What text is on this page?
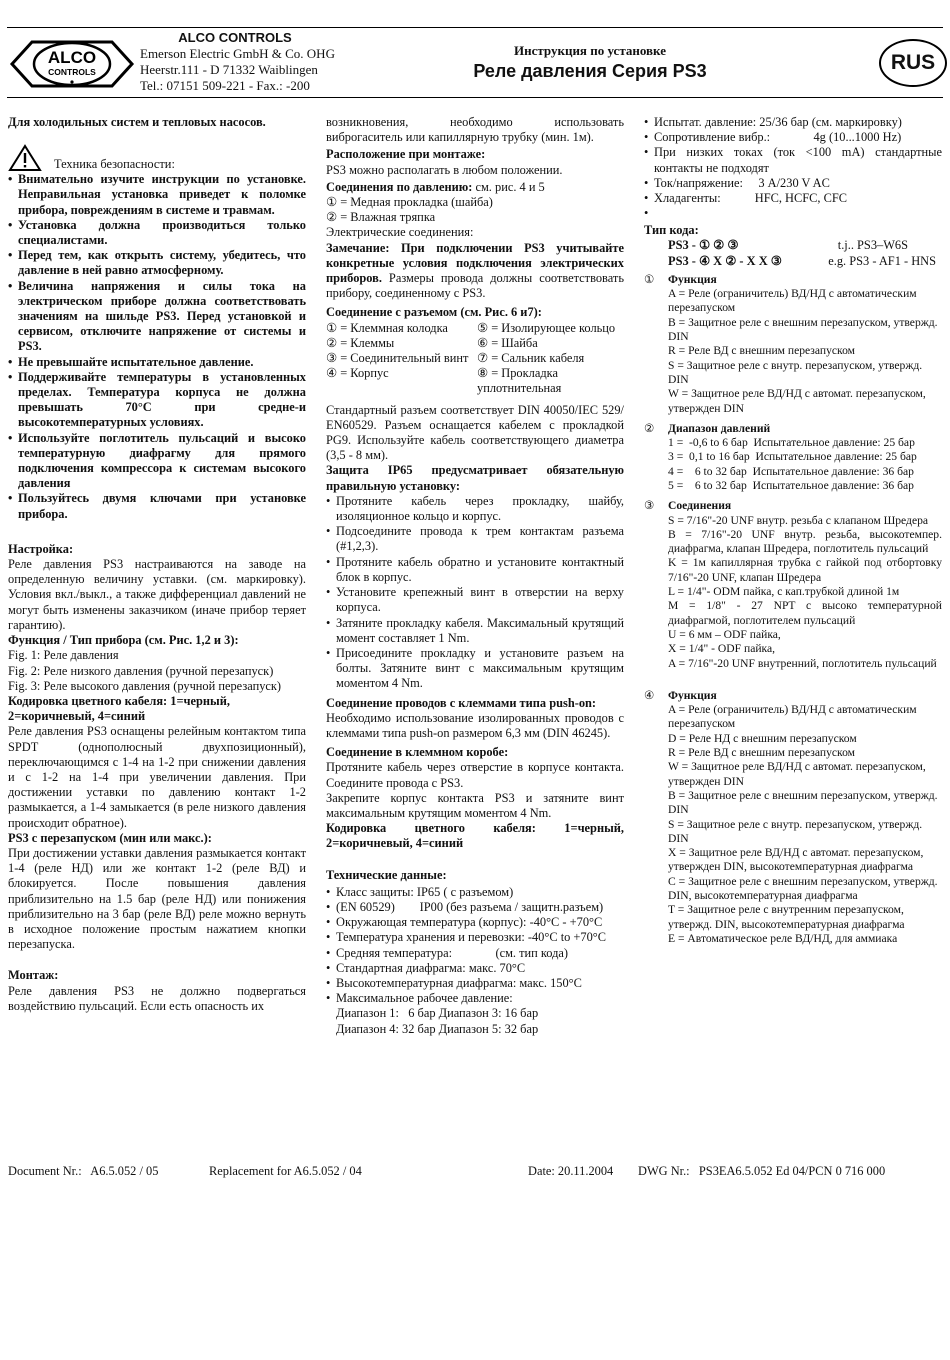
ALCO
CONTROLS
ALCO CONTROLS
Emerson Electric GmbH & Co. OHG
Heerstr.111 - D 71332 Waiblingen
Tel.: 07151 509-221 - Fax.: -200
Инструкция по установке
Реле давления Серия PS3	RUS

Для холодильных систем и тепловых насосов.

Техника безопасности:
• Внимательно изучите инструкции по установке. Неправильная установка приведет к поломке прибора, повреждениям в системе и травмам.
• Установка должна производиться только специалистами.
• Перед тем, как открыть систему, убедитесь, что давление в ней равно атмосферному.
• Величина напряжения и силы тока на электрическом приборе должна соответствовать значениям на шильде PS3. Перед установкой и сервисом, отключите напряжение от системы и PS3.
• Не превышайте испытательное давление.
• Поддерживайте температуры в установленных пределах. Температура корпуса не должна превышать 70°C при средне-и высокотемпературных условиях.
• Используйте поглотитель пульсаций и высоко температурную диафрагму для прямого подключения компрессора к системам высокого давления
• Пользуйтесь двумя ключами при установке прибора.

Настройка:

Реле давления PS3 настраиваются на заводе на определенную величину уставки. (см. маркировку). Условия вкл./выкл., а также дифференциал давлений не могут быть изменены заказчиком (иначе прибор теряет гарантию).

Функция / Тип прибора (см. Рис. 1,2 и 3):

Fig. 1: Реле давления

Fig. 2: Реле низкого давления (ручной перезапуск)

Fig. 3: Реле высокого давления (ручной перезапуск)

Кодировка цветного кабеля: 1=черный, 2=коричневый, 4=синий

Реле давления PS3 оснащены релейным контактом типа SPDT (однополюсный двухпозиционный), переключающимся с 1-4 на 1-2 при снижении давления и с 1-2 на 1-4 при увеличении давления. При достижении уставки по давлению контакт 1-2 размыкается, а 1-4 замыкается (в реле низкого давления происходит обратное).

PS3 с перезапуском (мин или макс.):

При достижении уставки давления размыкается контакт 1-4 (реле НД) или же контакт 1-2 (реле ВД) и блокируется. После повышения давления приблизительно на 1.5 бар (реле НД) или понижения приблизительно на 3 бар (реле ВД) реле можно вернуть в исходное положение простым нажатием кнопки перезапуска.

Монтаж:

Реле давления PS3 не должно подвергаться воздействию пульсаций. Если есть опасность их

возникновения, необходимо использовать виброгаситель или капиллярную трубку (мин. 1м).

Расположение при монтаже:

PS3 можно располагать в любом положении.

Соединения по давлению: см. рис. 4 и 5

① = Медная прокладка (шайба)

② = Влажная тряпка

Электрические соединения:

Замечание: При подключении PS3 учитывайте конкретные условия подключения электрических приборов. Размеры провода должны соответствовать прибору, соединенному с PS3.

Соединение с разъемом (см. Рис. 6 и7):

① = Клеммная колодка	⑤ = Изолирующее кольцо
② = Клеммы	⑥ = Шайба
③ = Соединительный винт ⑦ = Сальник кабеля
④ = Корпус	⑧ = Прокладка уплотнительная

Стандартный разъем соответствует DIN 40050/IEC 529/ EN60529. Разъем оснащается кабелем с прокладкой PG9. Используйте кабель соответствующего диаметра (3,5 - 8 мм).

Защита IP65 предусматривает обязательную правильную установку:

• Протяните кабель через прокладку, шайбу, изоляционное кольцо и корпус.
• Подсоедините провода к трем контактам разъема (#1,2,3).
• Протяните кабель обратно и установите контактный блок в корпус.
• Установите крепежный винт в отверстии на верху корпуса.
• Затяните прокладку кабеля. Максимальный крутящий момент составляет 1 Nm.
• Присоедините прокладку и установите разъем на болты. Затяните винт с максимальным крутящим моментом 4 Nm.

Соединение проводов с клеммами типа push-on:

Необходимо использование изолированных проводов с клеммами типа push-on размером 6,3 мм (DIN 46245).

Соединение в клеммном коробе:

Протяните кабель через отверстие в корпусе контакта. Соедините провода с PS3.

Закрепите корпус контакта PS3 и затяните винт максимальным крутящим моментом 4 Nm.

Кодировка цветного кабеля: 1=черный, 2=коричневый, 4=синий

Технические данные:

• Класс защиты: IP65 ( с разъемом)
• (EN 60529)        IP00 (без разъема / защитн.разъем)
• Окружающая температура (корпус): -40°C - +70°C
• Температура хранения и перевозки: -40°C to +70°C
• Средняя температура:              (см. тип кода)
• Стандартная диафрагма: макс. 70°C
• Высокотемпературная диафрагма: макс. 150°C
• Максимальное рабочее давление:

Диапазон 1:   6 бар Диапазон 3: 16 бар

Диапазон 4: 32 бар Диапазон 5: 32 бар

• Испытат. давление: 25/36 бар (см. маркировку)
• Сопротивление вибр.:              4g (10...1000 Hz)
• При низких токах (ток <100 mA) стандартные контакты не подходят
• Ток/напряжение:     3 A/230 V AC
• Хладагенты:           HFC, HCFC, CFC
•

Тип кода:

PS3 - ① ② ③	t.j.. PS3–W6S
PS3 - ④ X ② - X X ③	e.g. PS3 - AF1 - HNS
① Функция
A = Реле (ограничитель) ВД/НД с автоматическим перезапуском
B = Защитное реле с внешним перезапуском, утвержд. DIN
R = Реле ВД с внешним перезапуском
S = Защитное реле с внутр. перезапуском, утвержд. DIN
W = Защитное реле ВД/НД с автомат. перезапуском, утвержден DIN
② Диапазон давлений
1 =  -0,6 to 6 бар  Испытательное давление: 25 бар
3 =  0,1 to 16 бар  Испытательное давление: 25 бар
4 =    6 to 32 бар  Испытательное давление: 36 бар
5 =    6 to 32 бар  Испытательное давление: 36 бар
③ Соединения
S = 7/16"-20 UNF внутр. резьба с клапаном Шредера
B = 7/16"-20 UNF внутр. резьба, высокотемпер. диафрагма, клапан Шредера, поглотитель пульсаций
K = 1м капиллярная трубка с гайкой под отбортовку 7/16"-20 UNF, клапан Шредера
L = 1/4"- ODM пайка, с кап.трубкой длиной 1м
M = 1/8" - 27 NPT с высоко температурной диафрагмой, поглотителем пульсаций
U = 6 мм – ODF пайка,
X = 1/4" - ODF пайка,
A = 7/16"-20 UNF внутренний, поглотитель пульсаций
④ Функция
A = Реле (ограничитель) ВД/НД с автоматическим перезапуском
D = Реле НД с внешним перезапуском
R = Реле ВД с внешним перезапуском
W = Защитное реле ВД/НД с автомат. перезапуском, утвержден DIN
B = Защитное реле с внешним перезапуском, утвержд. DIN
S = Защитное реле с внутр. перезапуском, утвержд. DIN
X = Защитное реле ВД/НД с автомат. перезапуском, утвержден DIN, высокотемпературная диафрагма
C = Защитное реле с внешним перезапуском, утвержд. DIN, высокотемпературная диафрагма
T = Защитное реле с внутренним перезапуском, утвержд. DIN, высокотемпературная диафрагма
E = Автоматическое реле ВД/НД, для аммиака
Document Nr.:   A6.5.052 / 05	Replacement for A6.5.052 / 04	Date: 20.11.2004 DWG Nr.:   PS3EA6.5.052 Ed 04/PCN 0 716 000
